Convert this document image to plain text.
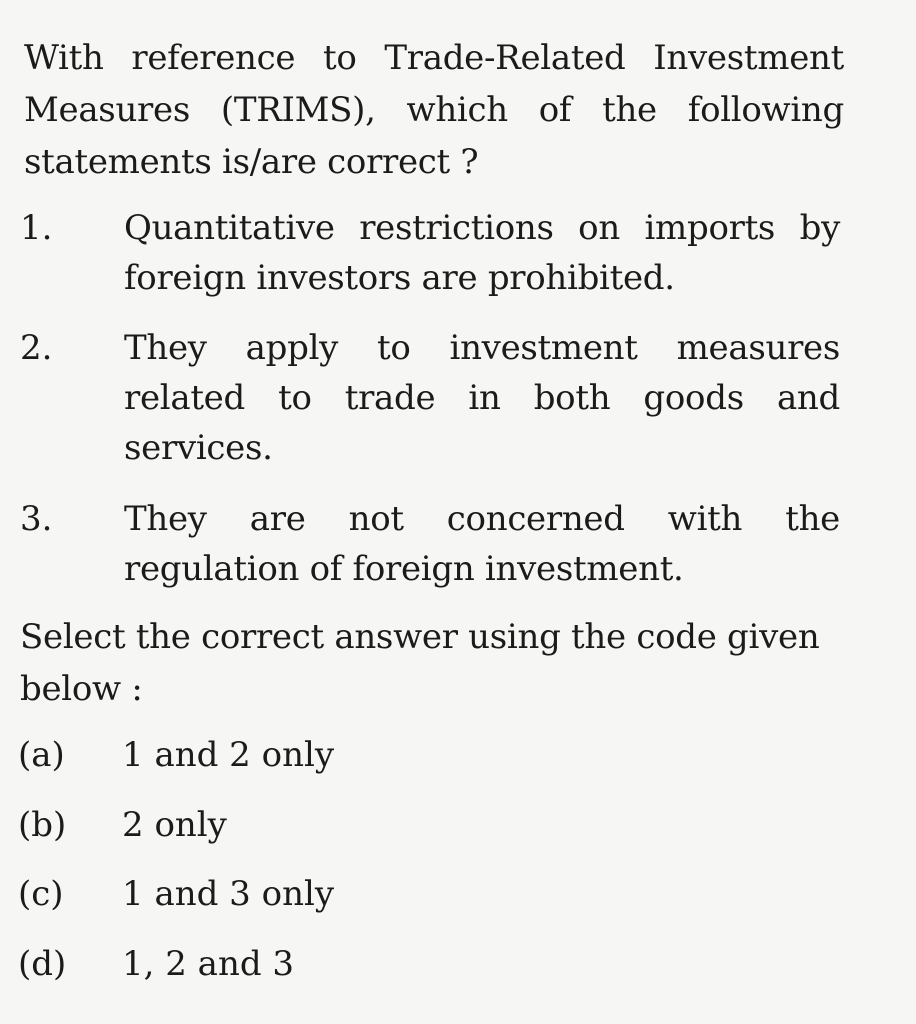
With reference to Trade-Related Investment Measures (TRIMS), which of the following statements is/are correct ?
1.	Quantitative restrictions on imports by foreign investors are prohibited.
2.	They apply to investment measures related to trade in both goods and services.
3.	They are not concerned with the regulation of foreign investment.
Select the correct answer using the code given below :
(a) 1 and 2 only
(b) 2 only
(c) 1 and 3 only
(d) 1, 2 and 3
